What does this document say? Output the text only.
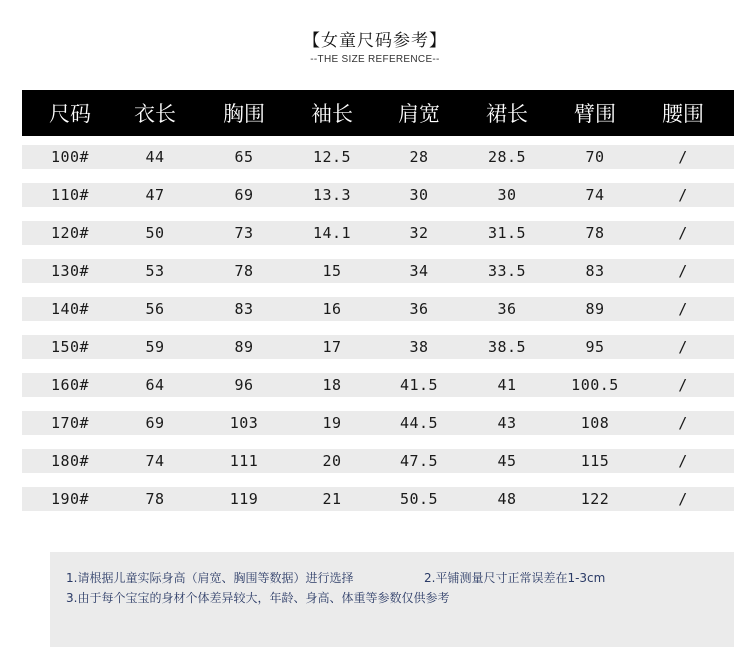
【女童尺码参考】
--THE SIZE REFERENCE--
尺码	衣长	胸围	袖长	肩宽	裙长	臂围	腰围
100#	44	65	12.5	28	28.5	70	/
110#	47	69	13.3	30	30	74	/
120#	50	73	14.1	32	31.5	78	/
130#	53	78	15	34	33.5	83	/
140#	56	83	16	36	36	89	/
150#	59	89	17	38	38.5	95	/
160#	64	96	18	41.5	41	100.5	/
170#	69	103	19	44.5	43	108	/
180#	74	111	20	47.5	45	115	/
190#	78	119	21	50.5	48	122	/
1.请根据儿童实际身高（肩宽、胸围等数据）进行选择	2.平铺测量尺寸正常误差在1-3cm
3.由于每个宝宝的身材个体差异较大，年龄、身高、体重等参数仅供参考
